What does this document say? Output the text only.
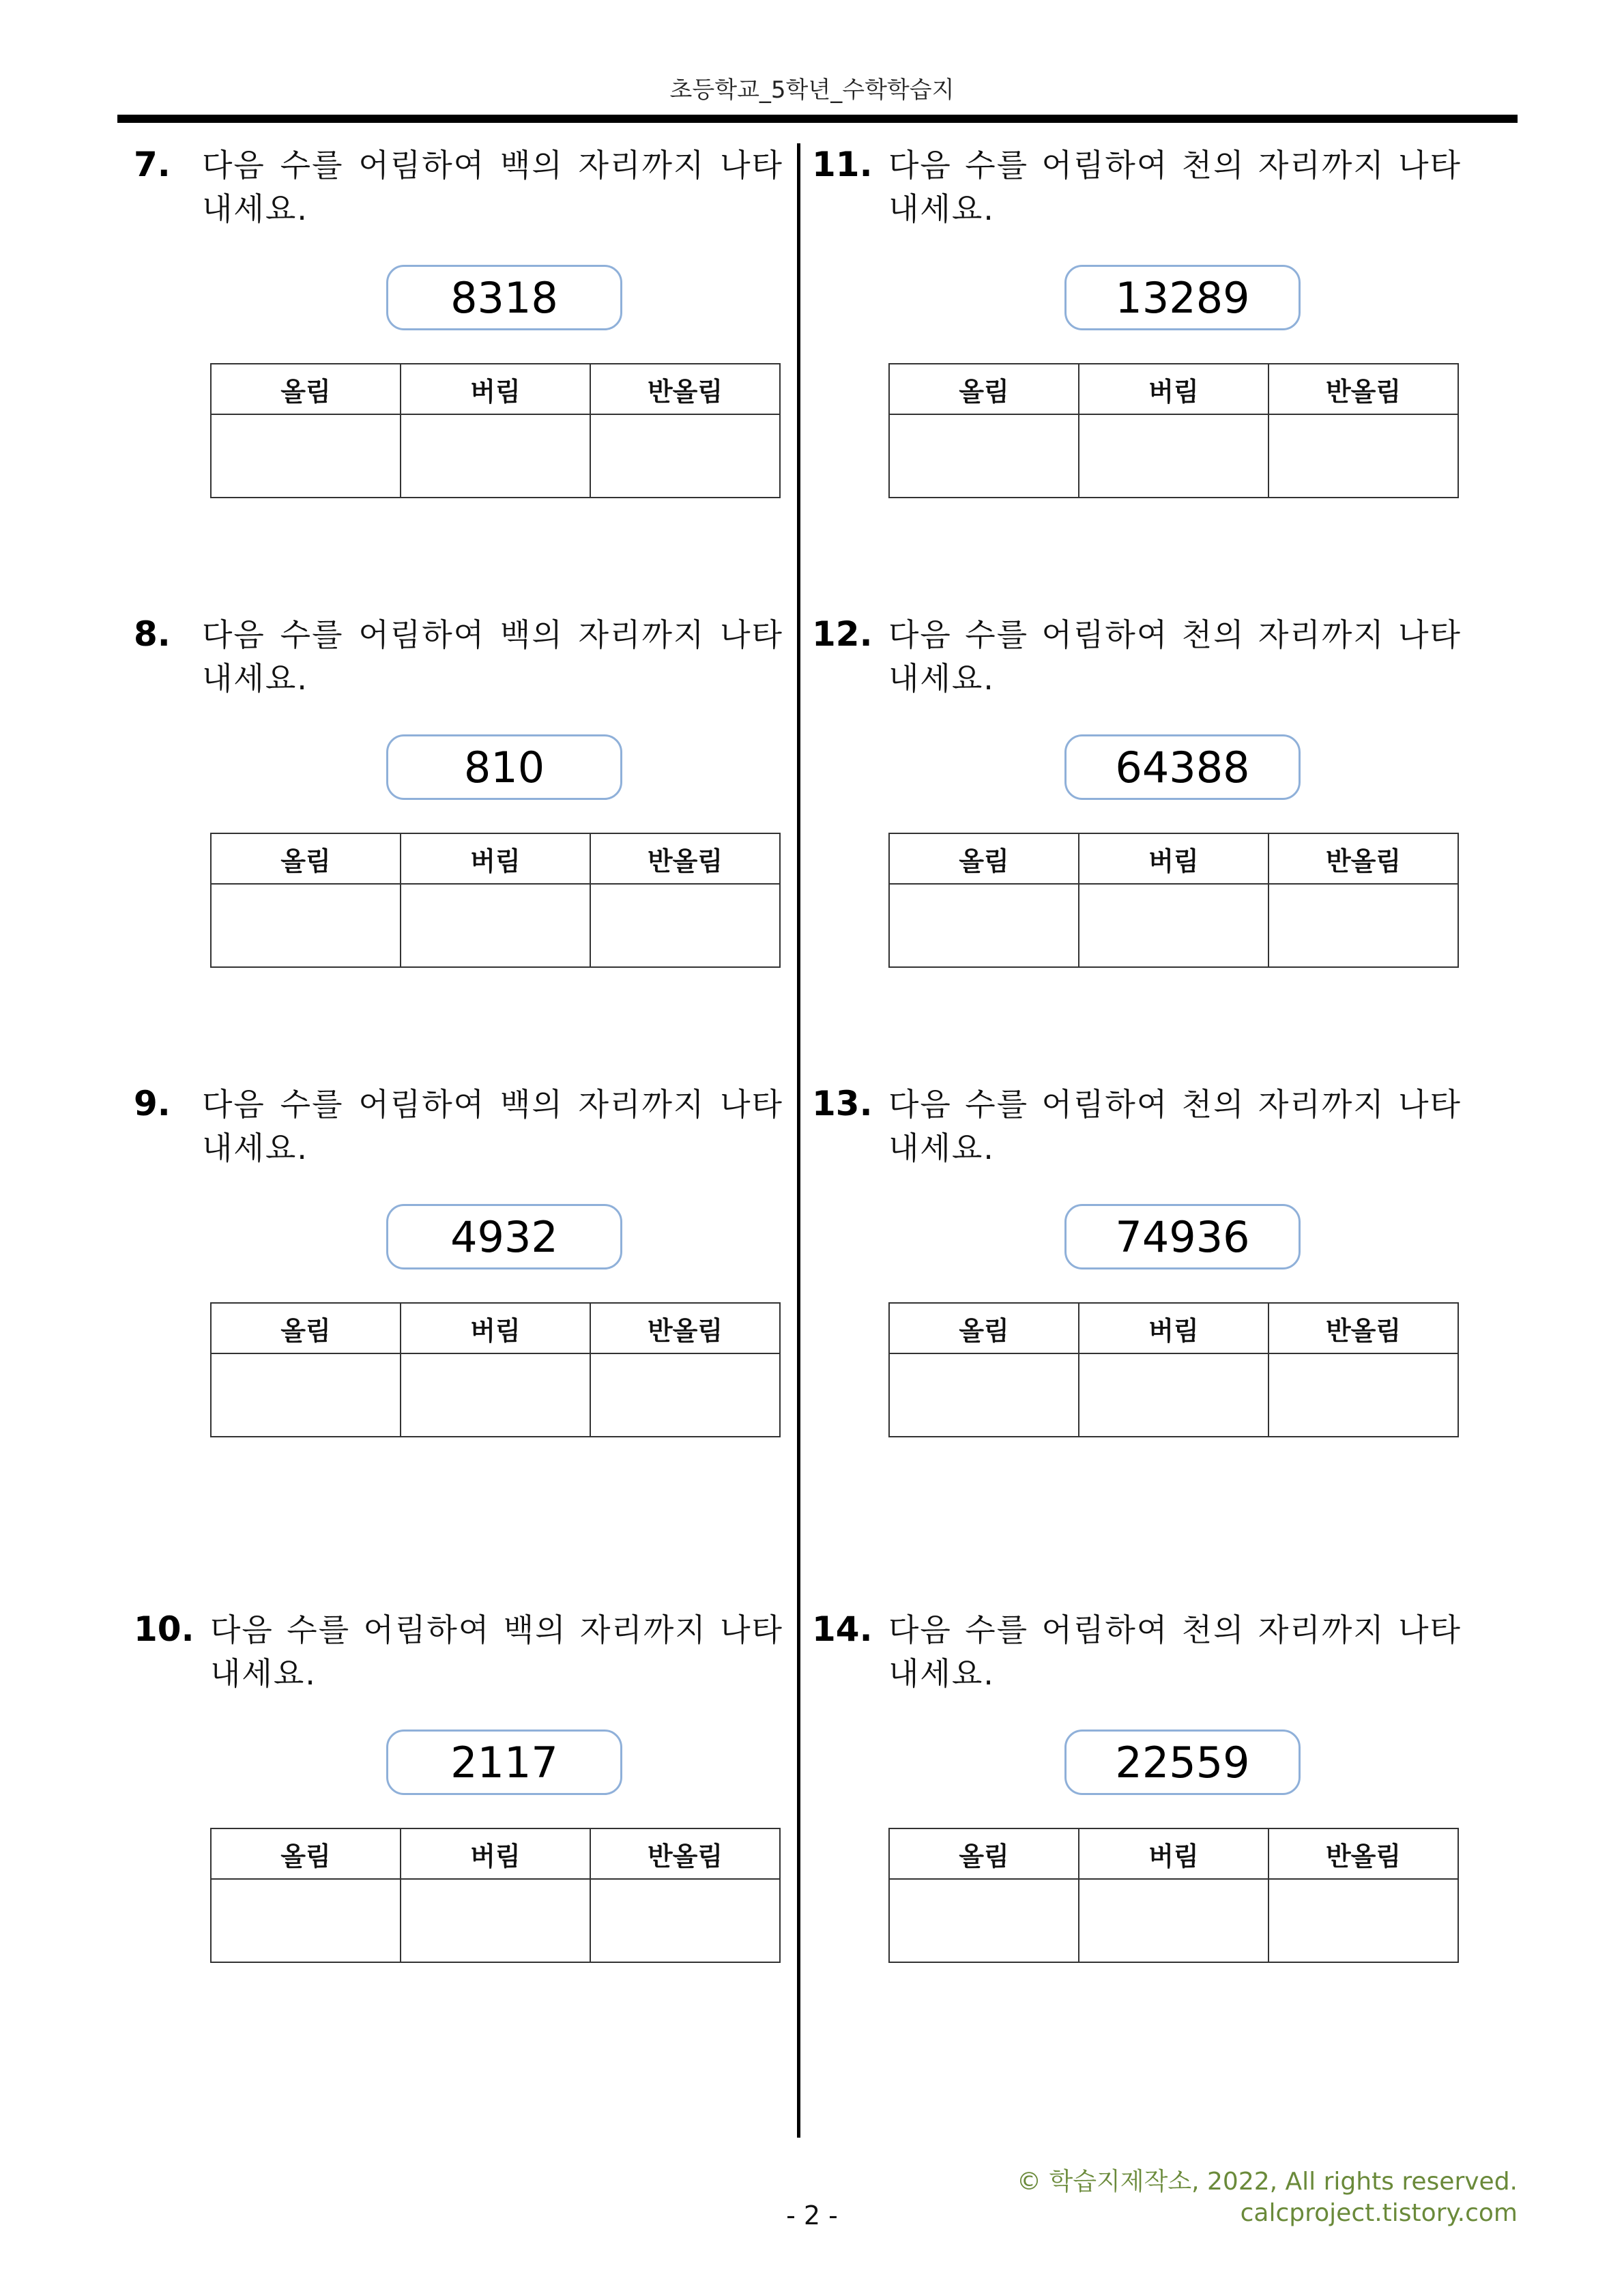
초등학교_5학년_수학학습지
7. 다음 수를 어림하여 백의 자리까지 나타내세요.
8318
올림	버림	반올림

8. 다음 수를 어림하여 백의 자리까지 나타내세요.
810
올림	버림	반올림

9. 다음 수를 어림하여 백의 자리까지 나타내세요.
4932
올림	버림	반올림

10. 다음 수를 어림하여 백의 자리까지 나타내세요.
2117
올림	버림	반올림

11. 다음 수를 어림하여 천의 자리까지 나타내세요.
13289
올림	버림	반올림

12. 다음 수를 어림하여 천의 자리까지 나타내세요.
64388
올림	버림	반올림

13. 다음 수를 어림하여 천의 자리까지 나타내세요.
74936
올림	버림	반올림

14. 다음 수를 어림하여 천의 자리까지 나타내세요.
22559
올림	버림	반올림

- 2 -
© 학습지제작소, 2022, All rights reserved.
calcproject.tistory.com
